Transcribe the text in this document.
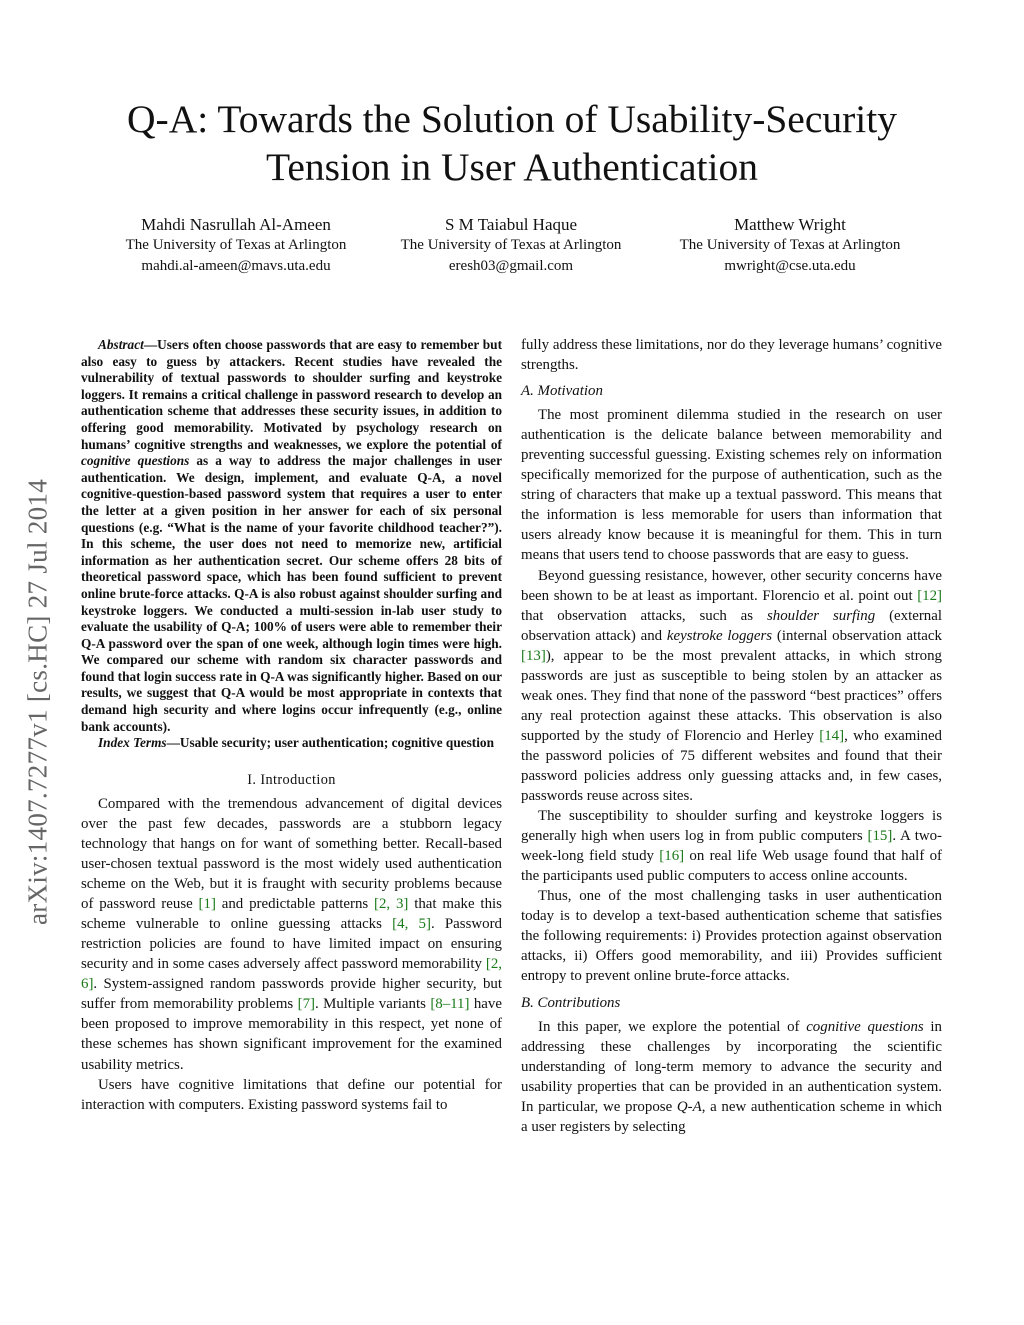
arXiv:1407.7277v1 [cs.HC] 27 Jul 2014
Q-A: Towards the Solution of Usability-Security Tension in User Authentication
Mahdi Nasrullah Al-Ameen
The University of Texas at Arlington
mahdi.al-ameen@mavs.uta.edu
S M Taiabul Haque
The University of Texas at Arlington
eresh03@gmail.com
Matthew Wright
The University of Texas at Arlington
mwright@cse.uta.edu

Abstract—Users often choose passwords that are easy to remember but also easy to guess by attackers. Recent studies have revealed the vulnerability of textual passwords to shoulder surfing and keystroke loggers. It remains a critical challenge in password research to develop an authentication scheme that addresses these security issues, in addition to offering good memorability. Motivated by psychology research on humans’ cognitive strengths and weaknesses, we explore the potential of cognitive questions as a way to address the major challenges in user authentication. We design, implement, and evaluate Q-A, a novel cognitive-question-based password system that requires a user to enter the letter at a given position in her answer for each of six personal questions (e.g. “What is the name of your favorite childhood teacher?”). In this scheme, the user does not need to memorize new, artificial information as her authentication secret. Our scheme offers 28 bits of theoretical password space, which has been found sufficient to prevent online brute-force attacks. Q-A is also robust against shoulder surfing and keystroke loggers. We conducted a multi-session in-lab user study to evaluate the usability of Q-A; 100% of users were able to remember their Q-A password over the span of one week, although login times were high. We compared our scheme with random six character passwords and found that login success rate in Q-A was significantly higher. Based on our results, we suggest that Q-A would be most appropriate in contexts that demand high security and where logins occur infrequently (e.g., online bank accounts).

Index Terms—Usable security; user authentication; cognitive question

I. Introduction

Compared with the tremendous advancement of digital devices over the past few decades, passwords are a stubborn legacy technology that hangs on for want of something better. Recall-based user-chosen textual password is the most widely used authentication scheme on the Web, but it is fraught with security problems because of password reuse [1] and predictable patterns [2, 3] that make this scheme vulnerable to online guessing attacks [4, 5]. Password restriction policies are found to have limited impact on ensuring security and in some cases adversely affect password memorability [2, 6]. System-assigned random passwords provide higher security, but suffer from memorability problems [7]. Multiple variants [8–11] have been proposed to improve memorability in this respect, yet none of these schemes has shown significant improvement for the examined usability metrics.

Users have cognitive limitations that define our potential for interaction with computers. Existing password systems fail to

fully address these limitations, nor do they leverage humans’ cognitive strengths.

A. Motivation

The most prominent dilemma studied in the research on user authentication is the delicate balance between memorability and preventing successful guessing. Existing schemes rely on information specifically memorized for the purpose of authentication, such as the string of characters that make up a textual password. This means that the information is less memorable for users than information that users already know because it is meaningful for them. This in turn means that users tend to choose passwords that are easy to guess.

Beyond guessing resistance, however, other security concerns have been shown to be at least as important. Florencio et al. point out [12] that observation attacks, such as shoulder surfing (external observation attack) and keystroke loggers (internal observation attack [13]), appear to be the most prevalent attacks, in which strong passwords are just as susceptible to being stolen by an attacker as weak ones. They find that none of the password “best practices” offers any real protection against these attacks. This observation is also supported by the study of Florencio and Herley [14], who examined the password policies of 75 different websites and found that their password policies address only guessing attacks and, in few cases, passwords reuse across sites.

The susceptibility to shoulder surfing and keystroke loggers is generally high when users log in from public computers [15]. A two-week-long field study [16] on real life Web usage found that half of the participants used public computers to access online accounts.

Thus, one of the most challenging tasks in user authentication today is to develop a text-based authentication scheme that satisfies the following requirements: i) Provides protection against observation attacks, ii) Offers good memorability, and iii) Provides sufficient entropy to prevent online brute-force attacks.

B. Contributions

In this paper, we explore the potential of cognitive questions in addressing these challenges by incorporating the scientific understanding of long-term memory to advance the security and usability properties that can be provided in an authentication system. In particular, we propose Q-A, a new authentication scheme in which a user registers by selecting
